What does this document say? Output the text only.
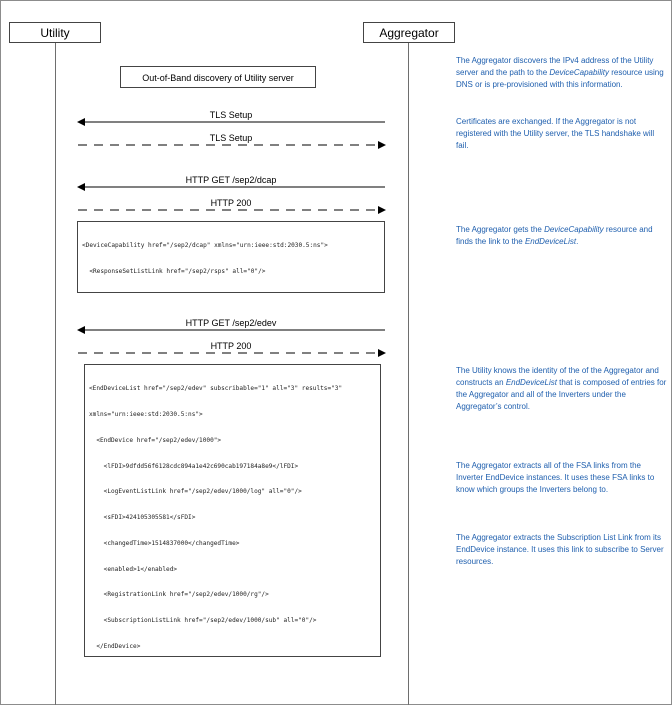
Utility	Aggregator
Out-of-Band discovery of Utility server
TLS Setup
TLS Setup
HTTP GET /sep2/dcap
HTTP 200
HTTP GET /sep2/edev
HTTP 200

<DeviceCapability href="/sep2/dcap" xmlns="urn:ieee:std:2030.5:ns">

<ResponseSetListLink href="/sep2/rsps" all="0"/>

<EndDeviceList href="/sep2/edev" subscribable="1" all="3" results="3"

xmlns="urn:ieee:std:2030.5:ns">

<EndDevice href="/sep2/edev/1000">

<lFDI>9dfdd56f6128cdc894a1e42c690cab197184a8e9</lFDI>

<LogEventListLink href="/sep2/edev/1000/log" all="0"/>

<sFDI>424105305581</sFDI>

<changedTime>1514837000</changedTime>

<enabled>1</enabled>

<RegistrationLink href="/sep2/edev/1000/rg"/>

<SubscriptionListLink href="/sep2/edev/1000/sub" all="0"/>

</EndDevice>

The Aggregator discovers the IPv4 address of the Utility server and the path to the DeviceCapability resource using DNS or is pre-provisioned with this information.
Certificates are exchanged. If the Aggregator is not registered with the Utility server, the TLS handshake will fail.
The Aggregator gets the DeviceCapability resource and finds the link to the EndDeviceList.
The Utility knows the identity of the of the Aggregator and constructs an EndDeviceList that is composed of entries for the Aggregator and all of the Inverters under the Aggregator’s control.
The Aggregator extracts all of the FSA links from the Inverter EndDevice instances. It uses these FSA links to know which groups the Inverters belong to.
The Aggregator extracts the Subscription List Link from its EndDevice instance. It uses this link to subscribe to Server resources.
